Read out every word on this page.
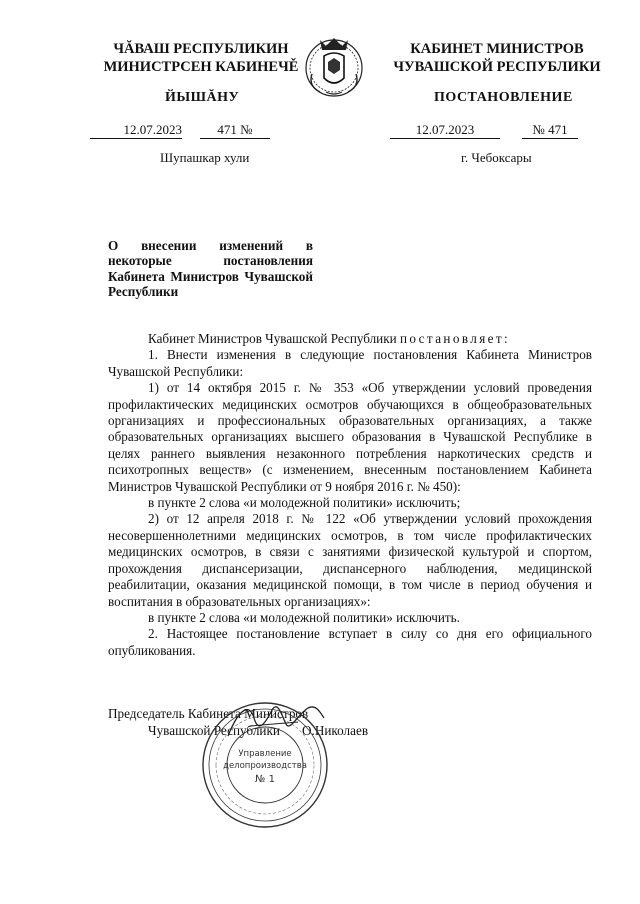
ЧĂВАШ РЕСПУБЛИКИН
МИНИСТРСЕН КАБИНЕЧĚ
ЙЫШĂНУ
12.07.2023	471 №
Шупашкар хули
КАБИНЕТ МИНИСТРОВ
ЧУВАШСКОЙ РЕСПУБЛИКИ
ПОСТАНОВЛЕНИЕ
12.07.2023	№ 471
г. Чебоксары
О внесении изменений в некоторые постановления Кабинета Министров Чувашской Республики

Кабинет Министров Чувашской Республики постановляет:

1. Внести изменения в следующие постановления Кабинета Министров Чувашской Республики:

1) от 14 октября 2015 г. № 353 «Об утверждении условий проведения профилактических медицинских осмотров обучающихся в общеобразовательных организациях и профессиональных образовательных организациях, а также образовательных организациях высшего образования в Чувашской Республике в целях раннего выявления незаконного потребления наркотических средств и психотропных веществ» (с изменением, внесенным постановлением Кабинета Министров Чувашской Республики от 9 ноября 2016 г. № 450):

в пункте 2 слова «и молодежной политики» исключить;

2) от 12 апреля 2018 г. № 122 «Об утверждении условий прохождения несовершеннолетними медицинских осмотров, в том числе профилактических медицинских осмотров, в связи с занятиями физической культурой и спортом, прохождения диспансеризации, диспансерного наблюдения, медицинской реабилитации, оказания медицинской помощи, в том числе в период обучения и воспитания в образовательных организациях»:

в пункте 2 слова «и молодежной политики» исключить.

2. Настоящее постановление вступает в силу со дня его официального опубликования.

Председатель Кабинета Министров
Чувашской Республики О.Николаев
Управление
делопроизводства
№ 1
